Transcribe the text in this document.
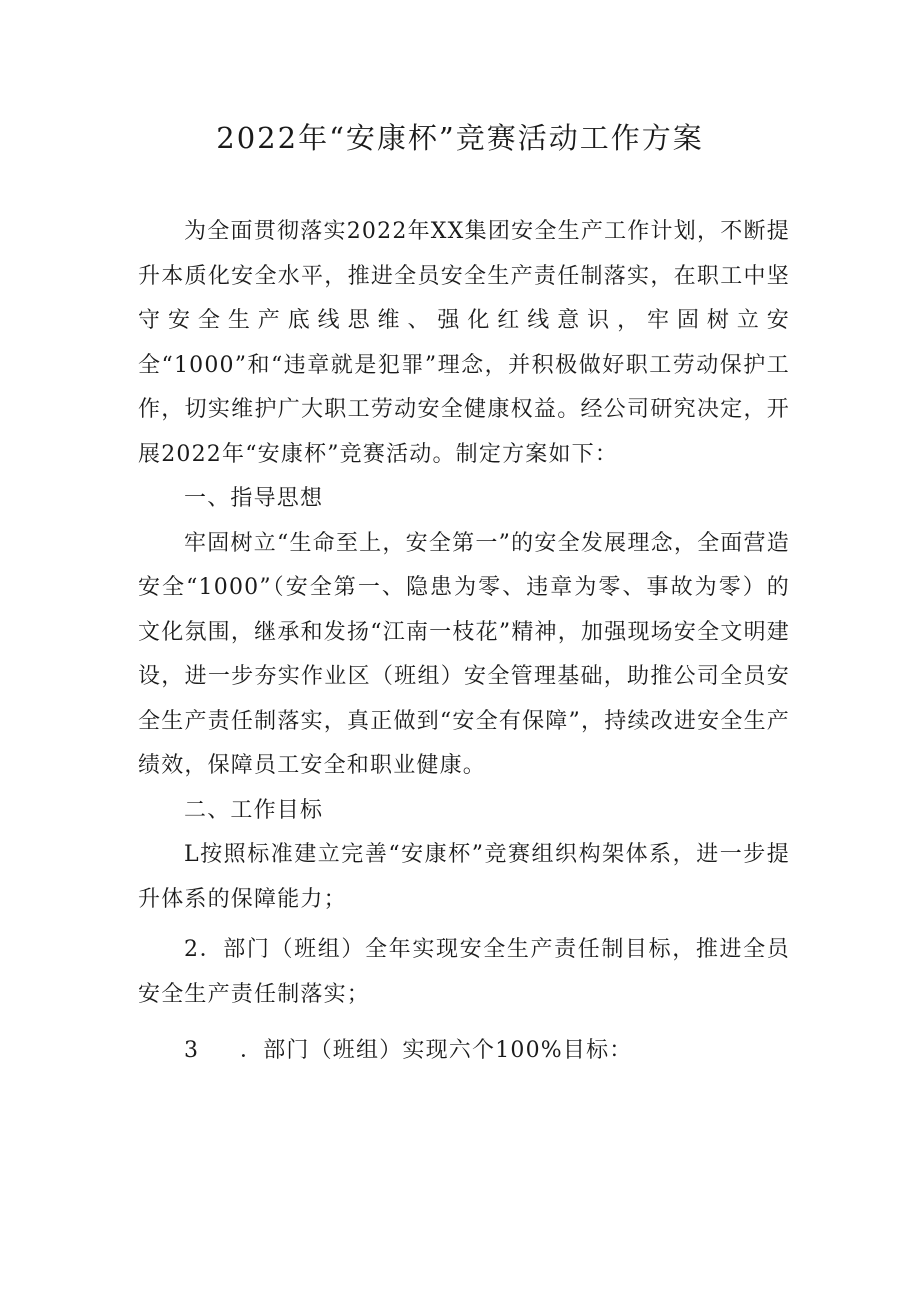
2022年“安康杯”竞赛活动工作方案

为全面贯彻落实2022年XX集团安全生产工作计划，不断提升本质化安全水平，推进全员安全生产责任制落实，在职工中坚守安全生产底线思维、强化红线意识，牢固树立安全“1000”和“违章就是犯罪”理念，并积极做好职工劳动保护工作，切实维护广大职工劳动安全健康权益。经公司研究决定，开展2022年“安康杯”竞赛活动。制定方案如下：

一、指导思想

牢固树立“生命至上，安全第一”的安全发展理念，全面营造安全“1000”（安全第一、隐患为零、违章为零、事故为零）的文化氛围，继承和发扬“江南一枝花”精神，加强现场安全文明建设，进一步夯实作业区（班组）安全管理基础，助推公司全员安全生产责任制落实，真正做到“安全有保障”，持续改进安全生产绩效，保障员工安全和职业健康。

二、工作目标

L按照标准建立完善“安康杯”竞赛组织构架体系，进一步提升体系的保障能力；

2．部门（班组）全年实现安全生产责任制目标，推进全员安全生产责任制落实；

3 ．部门（班组）实现六个100%目标：
